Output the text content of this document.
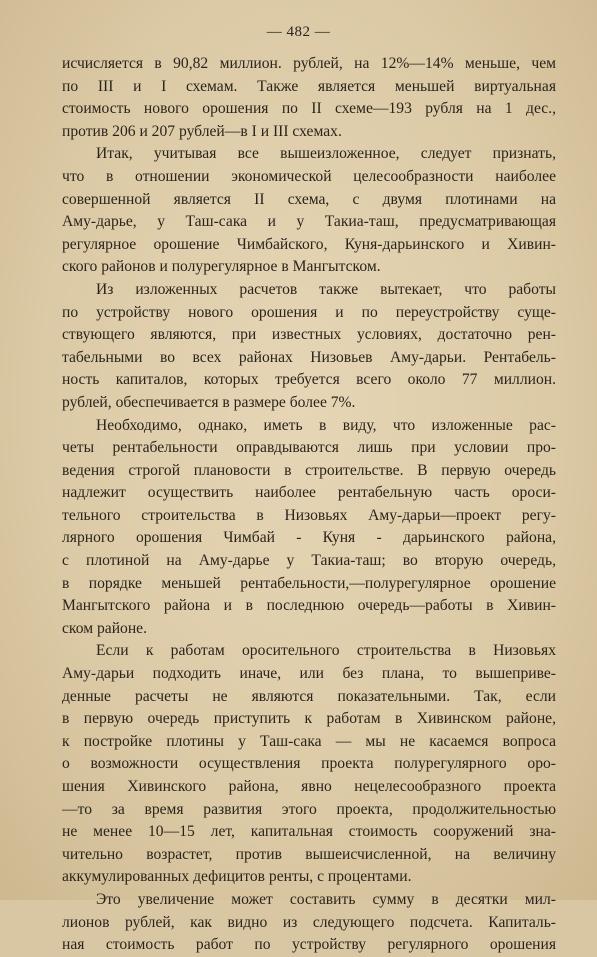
— 482 —
исчисляется в 90,82 миллион. рублей, на 12%—14% меньше, чем
по III и I схемам. Также является меньшей виртуальная
стоимость нового орошения по II схеме—193 рубля на 1 дес.,
против 206 и 207 рублей—в I и III схемах.
Итак, учитывая все вышеизложенное, следует признать,
что в отношении экономической целесообразности наиболее
совершенной является II схема, с двумя плотинами на
Аму-дарье, у Таш-сака и у Такиа-таш, предусматривающая
регулярное орошение Чимбайского, Куня-дарьинского и Хивин-
ского районов и полурегулярное в Мангытском.
Из изложенных расчетов также вытекает, что работы
по устройству нового орошения и по переустройству суще-
ствующего являются, при известных условиях, достаточно рен-
табельными во всех районах Низовьев Аму-дарьи. Рентабель-
ность капиталов, которых требуется всего около 77 миллион.
рублей, обеспечивается в размере более 7%.
Необходимо, однако, иметь в виду, что изложенные рас-
четы рентабельности оправдываются лишь при условии про-
ведения строгой плановости в строительстве. В первую очередь
надлежит осуществить наиболее рентабельную часть ороси-
тельного строительства в Низовьях Аму-дарьи—проект регу-
лярного орошения Чимбай - Куня - дарьинского района,
с плотиной на Аму-дарье у Такиа-таш; во вторую очередь,
в порядке меньшей рентабельности,—полурегулярное орошение
Мангытского района и в последнюю очередь—работы в Хивин-
ском районе.
Если к работам оросительного строительства в Низовьях
Аму-дарьи подходить иначе, или без плана, то вышеприве-
денные расчеты не являются показательными. Так, если
в первую очередь приступить к работам в Хивинском районе,
к постройке плотины у Таш-сака — мы не касаемся вопроса
о возможности осуществления проекта полурегулярного оро-
шения Хивинского района, явно нецелесообразного проекта
—то за время развития этого проекта, продолжительностью
не менее 10—15 лет, капитальная стоимость сооружений зна-
чительно возрастет, против вышеисчисленной, на величину
аккумулированных дефицитов ренты, с процентами.
Это увеличение может составить сумму в десятки мил-
лионов рублей, как видно из следующего подсчета. Капиталь-
ная стоимость работ по устройству регулярного орошения
